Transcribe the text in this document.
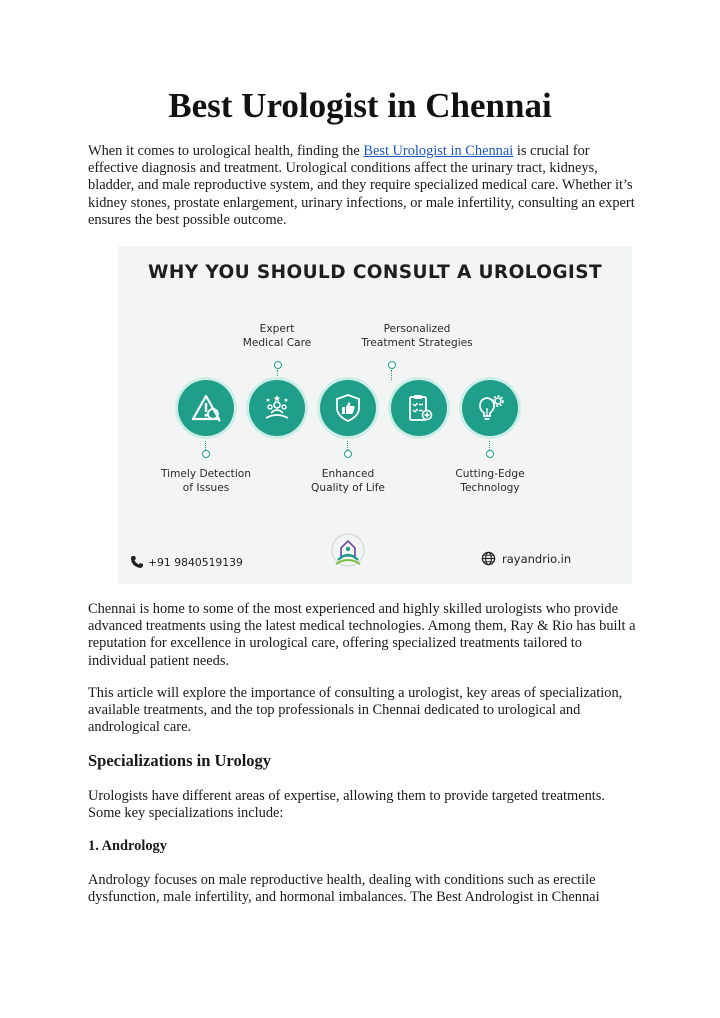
Best Urologist in Chennai

When it comes to urological health, finding the Best Urologist in Chennai is crucial for effective diagnosis and treatment. Urological conditions affect the urinary tract, kidneys, bladder, and male reproductive system, and they require specialized medical care. Whether it’s kidney stones, prostate enlargement, urinary infections, or male infertility, consulting an expert ensures the best possible outcome.

WHY YOU SHOULD CONSULT A UROLOGIST

Expert
Medical Care
Personalized
Treatment Strategies
Timely Detection
of Issues
Enhanced
Quality of Life
Cutting-Edge
Technology
+91 9840519139	rayandrio.in

Chennai is home to some of the most experienced and highly skilled urologists who provide advanced treatments using the latest medical technologies. Among them, Ray & Rio has built a reputation for excellence in urological care, offering specialized treatments tailored to individual patient needs.

This article will explore the importance of consulting a urologist, key areas of specialization, available treatments, and the top professionals in Chennai dedicated to urological and andrological care.

Specializations in Urology

Urologists have different areas of expertise, allowing them to provide targeted treatments. Some key specializations include:

1. Andrology

Andrology focuses on male reproductive health, dealing with conditions such as erectile dysfunction, male infertility, and hormonal imbalances. The Best Andrologist in Chennai
